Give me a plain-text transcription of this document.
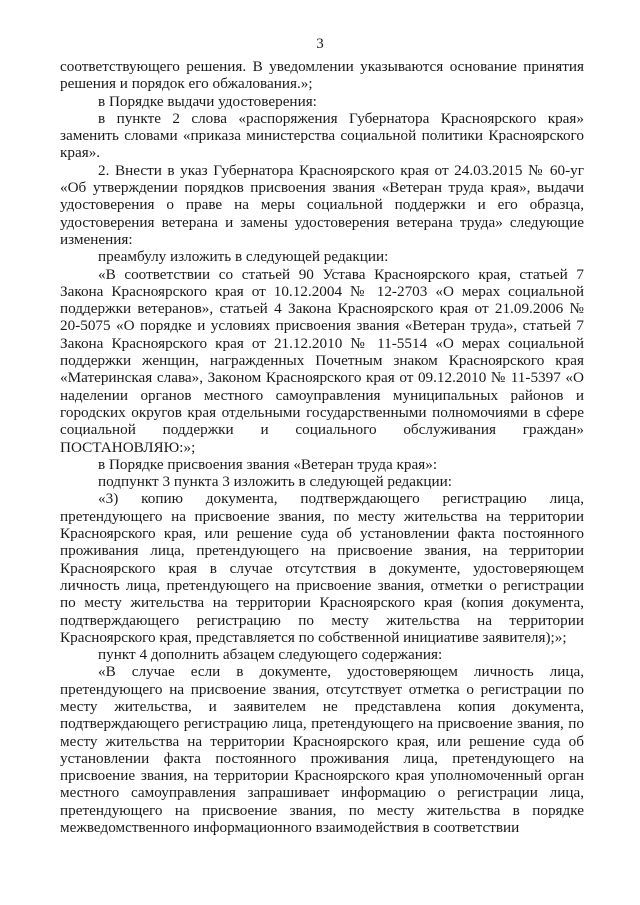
3

соответствующего решения. В уведомлении указываются основание принятия решения и порядок его обжалования.»;

в Порядке выдачи удостоверения:

в пункте 2 слова «распоряжения Губернатора Красноярского края» заменить словами «приказа министерства социальной политики Красноярского края».

2. Внести в указ Губернатора Красноярского края от 24.03.2015 № 60-уг «Об утверждении порядков присвоения звания «Ветеран труда края», выдачи удостоверения о праве на меры социальной поддержки и его образца, удостоверения ветерана и замены удостоверения ветерана труда» следующие изменения:

преамбулу изложить в следующей редакции:

«В соответствии со статьей 90 Устава Красноярского края, статьей 7 Закона Красноярского края от 10.12.2004 № 12-2703 «О мерах социальной поддержки ветеранов», статьей 4 Закона Красноярского края от 21.09.2006 № 20-5075 «О порядке и условиях присвоения звания «Ветеран труда», статьей 7 Закона Красноярского края от 21.12.2010 № 11-5514 «О мерах социальной поддержки женщин, награжденных Почетным знаком Красноярского края «Материнская слава», Законом Красноярского края от 09.12.2010 № 11-5397 «О наделении органов местного самоуправления муниципальных районов и городских округов края отдельными государственными полномочиями в сфере социальной поддержки и социального обслуживания граждан» ПОСТАНОВЛЯЮ:»;

в Порядке присвоения звания «Ветеран труда края»:

подпункт 3 пункта 3 изложить в следующей редакции:

«3) копию документа, подтверждающего регистрацию лица, претендующего на присвоение звания, по месту жительства на территории Красноярского края, или решение суда об установлении факта постоянного проживания лица, претендующего на присвоение звания, на территории Красноярского края в случае отсутствия в документе, удостоверяющем личность лица, претендующего на присвоение звания, отметки о регистрации по месту жительства на территории Красноярского края (копия документа, подтверждающего регистрацию по месту жительства на территории Красноярского края, представляется по собственной инициативе заявителя);»;

пункт 4 дополнить абзацем следующего содержания:

«В случае если в документе, удостоверяющем личность лица, претендующего на присвоение звания, отсутствует отметка о регистрации по месту жительства, и заявителем не представлена копия документа, подтверждающего регистрацию лица, претендующего на присвоение звания, по месту жительства на территории Красноярского края, или решение суда об установлении факта постоянного проживания лица, претендующего на присвоение звания, на территории Красноярского края уполномоченный орган местного самоуправления запрашивает информацию о регистрации лица, претендующего на присвоение звания, по месту жительства в порядке межведомственного информационного взаимодействия в соответствии
